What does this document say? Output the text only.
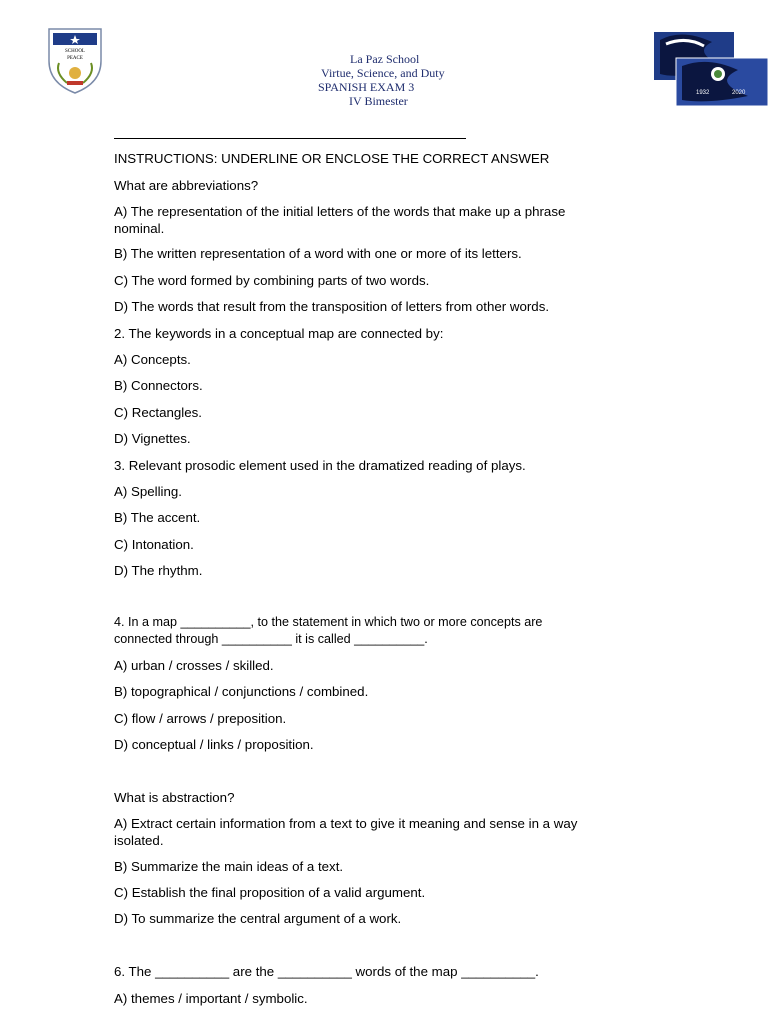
SCHOOL
PEACE	La Paz School
Virtue, Science, and Duty
SPANISH EXAM 3
IV Bimester
1932	2020
INSTRUCTIONS: UNDERLINE OR ENCLOSE THE CORRECT ANSWER
What are abbreviations?
A) The representation of the initial letters of the words that make up a phrase nominal.
B) The written representation of a word with one or more of its letters.
C) The word formed by combining parts of two words.
D) The words that result from the transposition of letters from other words.
2. The keywords in a conceptual map are connected by:
A) Concepts.
B) Connectors.
C) Rectangles.
D) Vignettes.
3. Relevant prosodic element used in the dramatized reading of plays.
A) Spelling.
B) The accent.
C) Intonation.
D) The rhythm.
4. In a map __________, to the statement in which two or more concepts are connected through __________ it is called __________.
A) urban / crosses / skilled.
B) topographical / conjunctions / combined.
C) flow / arrows / preposition.
D) conceptual / links / proposition.
What is abstraction?
A) Extract certain information from a text to give it meaning and sense in a way isolated.
B) Summarize the main ideas of a text.
C) Establish the final proposition of a valid argument.
D) To summarize the central argument of a work.
6. The __________ are the __________ words of the map __________.
A) themes / important / symbolic.
